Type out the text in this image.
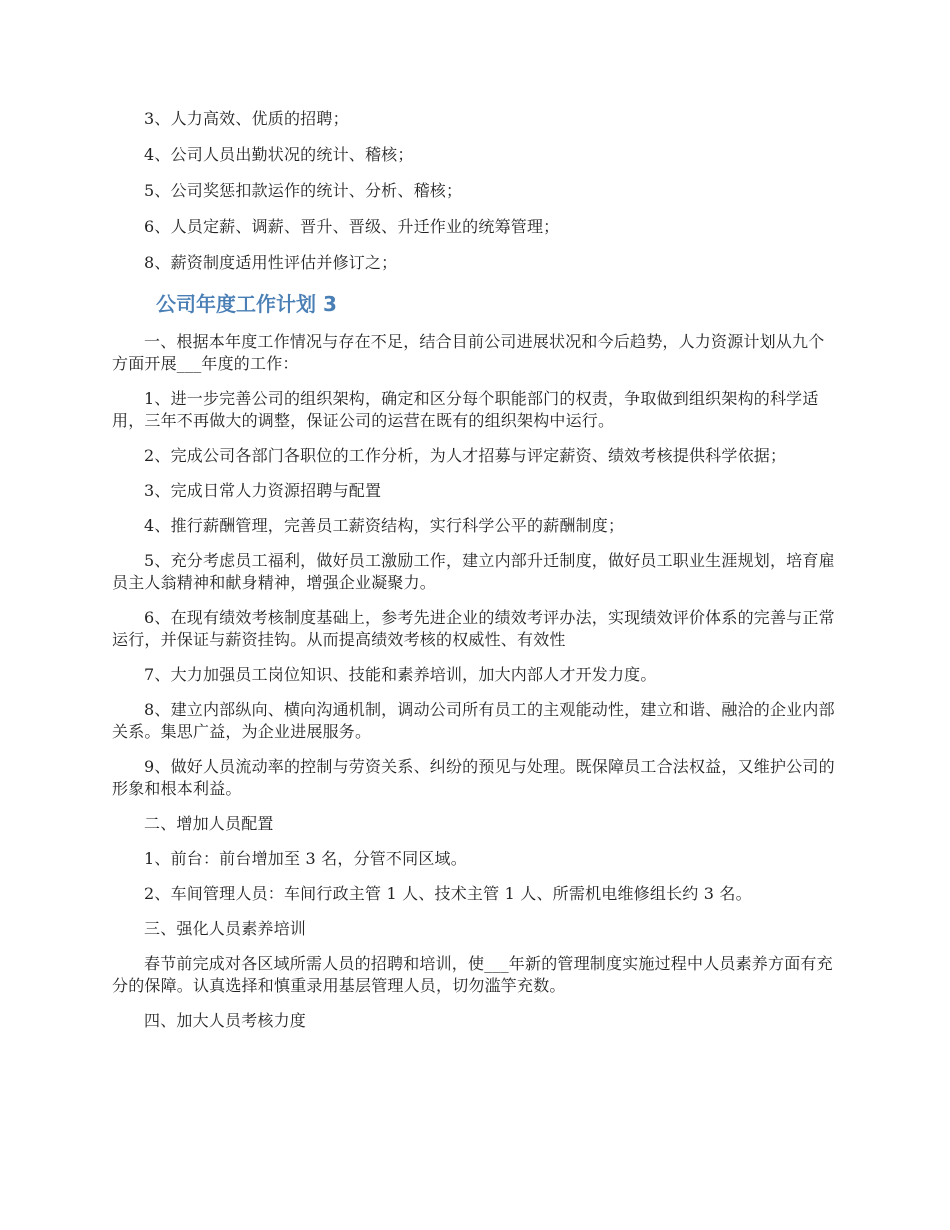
3、人力高效、优质的招聘；

4、公司人员出勤状况的统计、稽核；

5、公司奖惩扣款运作的统计、分析、稽核；

6、人员定薪、调薪、晋升、晋级、升迁作业的统筹管理；

8、薪资制度适用性评估并修订之；

公司年度工作计划 3

一、根据本年度工作情况与存在不足，结合目前公司进展状况和今后趋势，人力资源计划从九个方面开展___年度的工作：

1、进一步完善公司的组织架构，确定和区分每个职能部门的权责，争取做到组织架构的科学适用，三年不再做大的调整，保证公司的运营在既有的组织架构中运行。

2、完成公司各部门各职位的工作分析，为人才招募与评定薪资、绩效考核提供科学依据；

3、完成日常人力资源招聘与配置

4、推行薪酬管理，完善员工薪资结构，实行科学公平的薪酬制度；

5、充分考虑员工福利，做好员工激励工作，建立内部升迁制度，做好员工职业生涯规划，培育雇员主人翁精神和献身精神，增强企业凝聚力。

6、在现有绩效考核制度基础上，参考先进企业的绩效考评办法，实现绩效评价体系的完善与正常运行，并保证与薪资挂钩。从而提高绩效考核的权威性、有效性

7、大力加强员工岗位知识、技能和素养培训，加大内部人才开发力度。

8、建立内部纵向、横向沟通机制，调动公司所有员工的主观能动性，建立和谐、融洽的企业内部关系。集思广益，为企业进展服务。

9、做好人员流动率的控制与劳资关系、纠纷的预见与处理。既保障员工合法权益，又维护公司的形象和根本利益。

二、增加人员配置

1、前台：前台增加至 3 名，分管不同区域。

2、车间管理人员：车间行政主管 1 人、技术主管 1 人、所需机电维修组长约 3 名。

三、强化人员素养培训

春节前完成对各区域所需人员的招聘和培训，使___年新的管理制度实施过程中人员素养方面有充分的保障。认真选择和慎重录用基层管理人员，切勿滥竽充数。

四、加大人员考核力度
